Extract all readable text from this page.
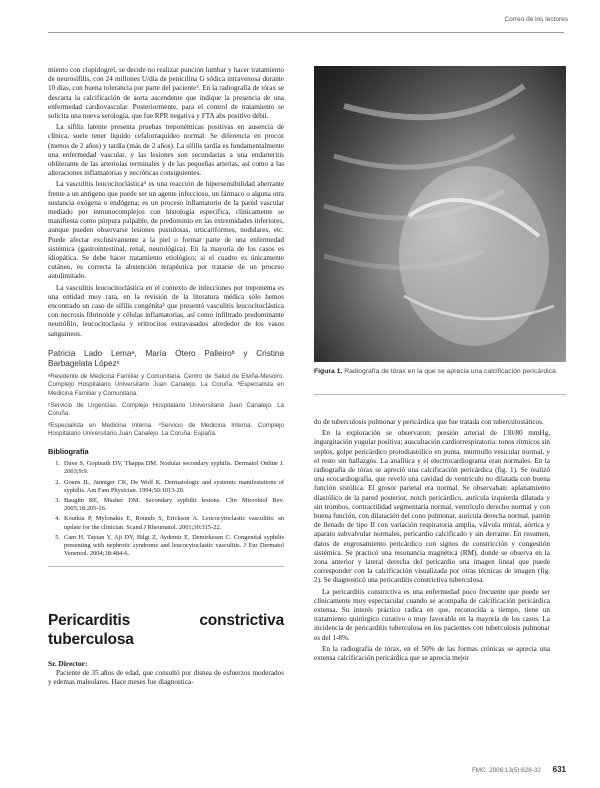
Correo de los lectores

miento con clopidogrel, se decide no realizar punción lumbar y hacer tratamiento de neurosífilis, con 24 millones U/día de penicilina G sódica intravenosa durante 10 días, con buena tolerancia por parte del paciente³. En la radiografía de tórax se descarta la calcificación de aorta ascendente que indique la presencia de una enfermedad cardiovascular. Posteriormente, para el control de tratamiento se solicita una nueva serología, que fue RPR negativa y FTA abs positivo débil.

La sífilis latente presenta pruebas treponémicas positivas en ausencia de clínica, suele tener líquido cefalorraquídeo normal. Se diferencia en precoz (menos de 2 años) y tardía (más de 2 años). La sífilis tardía es fundamentalmente una enfermedad vascular, y las lesiones son secundarias a una endarteritis obliterante de las arteriolas terminales y de las pequeñas arterias, así como a las alteraciones inflamatorias y necróticas consiguientes.

La vasculitis leucocitoclástica⁴ es una reacción de hipersensibilidad aberrante frente a un antígeno que puede ser un agente infeccioso, un fármaco o alguna otra sustancia exógena o endógena; es un proceso inflamatorio de la pared vascular mediado por inmunocomplejos con histología específica, clínicamente se manifiesta como púrpura palpable, de predominio en las extremidades inferiores, aunque pueden observarse lesiones pustulosas, urticariformes, nodulares, etc. Puede afectar exclusivamente a la piel o formar parte de una enfermedad sistémica (gastrointestinal, renal, neurológica). En la mayoría de los casos es idiopática. Se debe hacer tratamiento etiológico; si el cuadro es únicamente cutáneo, es correcta la abstención terapéutica por tratarse de un proceso autolimitado.

La vasculitis leucocitoclástica en el contexto de infecciones por treponema es una entidad muy rara, en la revisión de la literatura médica sólo hemos encontrado un caso de sífilis congénita⁵ que presentó vasculitis leucocitoclástica con necrosis fibrinoide y células inflamatorias, así como infiltrado predominante neutrófilo, leucocitoclasia y eritrocitos extravasados alrededor de los vasos sanguíneos.

Patricia Lado Lemaᵃ, María Otero Palleiroᵇ y Cristina Barbagelata Lópezᶜ
ᵃResidente de Medicina Familiar y Comunitaria. Centro de Salud de Elviña-Mesoiro. Complejo Hospitalario Universitario Juan Canalejo. La Coruña. ᵇEspecialista en Medicina Familiar y Comunitaria.
ᶜServicio de Urgencias. Complejo Hospitalario Universitario Juan Canalejo. La Coruña.
ᵈEspecialista en Medicina Interna. ᵉServicio de Medicina Interna. Complejo Hospitalario Universitario Juan Canalejo. La Coruña. España.
Bibliografía
1. Dave S, Gopinath DV, Thappa DM. Nodular secondary syphilis. Dermatol Online J. 2003;9:9.
2. Goens JL, Janniger CK, De Wolf K. Dermatologic and systemic manifestations of syphilis. Am Fam Physician. 1994;50:1013-20.
3. Baughn RE, Musher DM. Secondary syphilit lesions. Clin Microbiol Rev. 2005;18:205-16.
4. Koutkia P, Mylonakis E, Rounds S, Erickson A. Leucocytoclastic vasculitis: an update for the clinician. Scand J Rheumatol. 2001;30:315-22.
5. Cam H, Taytan Y, Aji DY, Bilgi Z, Aydemir E, Demirkesen C. Congenital syphilis presenting with nephrotic syndrome and leucocytoclastic vasculitis. J Eur Dermatol Venereol. 2004;18:484-6.
Pericarditis constrictiva tuberculosa
Sr. Director:

Paciente de 35 años de edad, que consultó por disnea de esfuerzos moderados y edemas maleolares. Hace meses fue diagnostica-

Figura 1. Radiografía de tórax en la que se aprecia una calcificación pericárdica.

do de tuberculosis pulmonar y pericárdica que fue tratada con tuberculostáticos.

En la exploración se observaron: presión arterial de 130/80 mmHg, ingurgitación yugular positiva; auscultación cardiorrespiratoria: tonos rítmicos sin soplos, golpe pericárdico protodiastólico en punta, murmullo vesicular normal, y el resto sin hallazgos. La analítica y el electrocardiograma eran normales. En la radiografía de tórax se apreció una calcificación pericárdica (fig. 1). Se realizó una ecocardiografía, que reveló una cavidad de ventrículo no dilatada con buena función sistólica. El grosor parietal era normal. Se observaban: aplanamiento diastólico de la pared posterior, notch pericárdico, aurícula izquierda dilatada y sin trombos, contractilidad segmentaria normal, ventrículo derecho normal y con buena función, con dilatación del cono pulmonar, aurícula derecha normal, patrón de llenado de tipo II con variación respiratoria amplia, válvula mitral, aórtica y aparato subvalvular normales, pericardio calcificado y sin derrame. En resumen, datos de engrosamiento pericárdico con signos de constricción y congestión sistémica. Se practicó una resonancia magnética (RM), donde se observa en la zona anterior y lateral derecha del pericardio una imagen lineal que puede corresponder con la calcificación visualizada por otras técnicas de imagen (fig. 2). Se diagnosticó una pericarditis constrictiva tuberculosa.

La pericarditis constrictiva es una enfermedad poco frecuente que puede ser clínicamente muy espectacular cuando se acompaña de calcificación pericárdica extensa. Su interés práctico radica en que, reconocida a tiempo, tiene un tratamiento quirúrgico curativo o muy favorable en la mayoría de los casos. La incidencia de pericarditis tuberculosa en los pacientes con tuberculosis pulmonar es del 1-8%.

En la radiografía de tórax, en el 50% de las formas crónicas se aprecia una extensa calcificación pericárdica que se aprecia mejor

FMC. 2006;13(5):628-32 631
